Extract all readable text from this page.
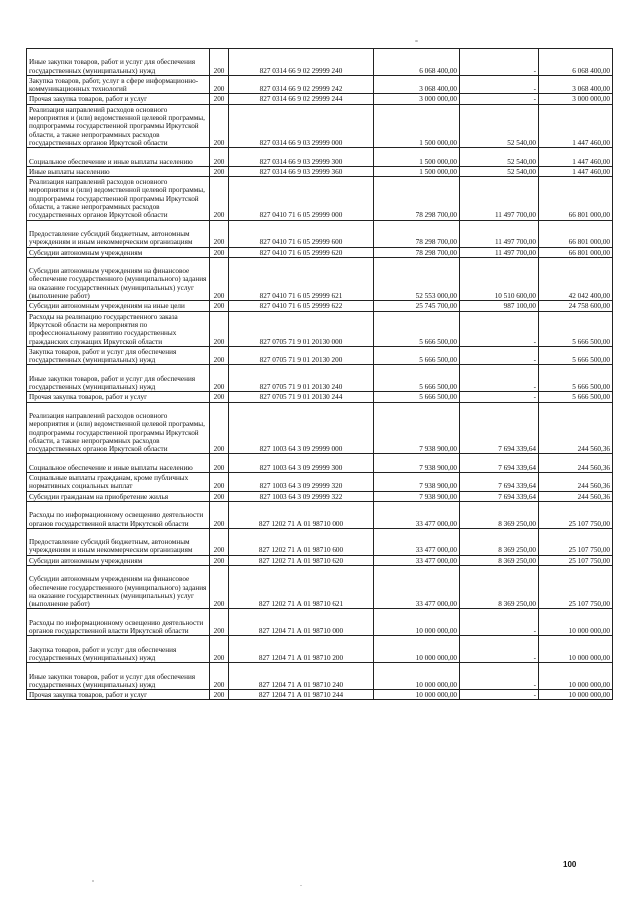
Иные закупки товаров, работ и услуг для обеспечения государственных (муниципальных) нужд	200	827 0314 66 9 02 29999 240	6 068 400,00	-	6 068 400,00
Закупка товаров, работ, услуг в сфере информационно-коммуникационных технологий	200	827 0314 66 9 02 29999 242	3 068 400,00	-	3 068 400,00
Прочая закупка товаров, работ и услуг	200	827 0314 66 9 02 29999 244	3 000 000,00	-	3 000 000,00
Реализация направлений расходов основного мероприятия и (или) ведомственной целевой программы, подпрограммы государственной программы Иркутской области, а также непрограммных расходов государственных органов Иркутской области	200	827 0314 66 9 03 29999 000	1 500 000,00	52 540,00	1 447 460,00
Социальное обеспечение и иные выплаты населению	200	827 0314 66 9 03 29999 300	1 500 000,00	52 540,00	1 447 460,00
Иные выплаты населению	200	827 0314 66 9 03 29999 360	1 500 000,00	52 540,00	1 447 460,00
Реализация направлений расходов основного мероприятия и (или) ведомственной целевой программы, подпрограммы государственной программы Иркутской области, а также непрограммных расходов государственных органов Иркутской области	200	827 0410 71 6 05 29999 000	78 298 700,00	11 497 700,00	66 801 000,00
Предоставление субсидий бюджетным, автономным учреждениям и иным некоммерческим организациям	200	827 0410 71 6 05 29999 600	78 298 700,00	11 497 700,00	66 801 000,00
Субсидии автономным учреждениям	200	827 0410 71 6 05 29999 620	78 298 700,00	11 497 700,00	66 801 000,00
Субсидии автономным учреждениям на финансовое обеспечение государственного (муниципального) задания на оказание государственных (муниципальных) услуг (выполнение работ)	200	827 0410 71 6 05 29999 621	52 553 000,00	10 510 600,00	42 042 400,00
Субсидии автономным учреждениям на иные цели	200	827 0410 71 6 05 29999 622	25 745 700,00	987 100,00	24 758 600,00
Расходы на реализацию государственного заказа Иркутской области на мероприятия по профессиональному развитию государственных гражданских служащих Иркутской области	200	827 0705 71 9 01 20130 000	5 666 500,00	-	5 666 500,00
Закупка товаров, работ и услуг для обеспечения государственных (муниципальных) нужд	200	827 0705 71 9 01 20130 200	5 666 500,00	-	5 666 500,00
Иные закупки товаров, работ и услуг для обеспечения государственных (муниципальных) нужд	200	827 0705 71 9 01 20130 240	5 666 500,00	-	5 666 500,00
Прочая закупка товаров, работ и услуг	200	827 0705 71 9 01 20130 244	5 666 500,00	-	5 666 500,00
Реализация направлений расходов основного мероприятия и (или) ведомственной целевой программы, подпрограммы государственной программы Иркутской области, а также непрограммных расходов государственных органов Иркутской области	200	827 1003 64 3 09 29999 000	7 938 900,00	7 694 339,64	244 560,36
Социальное обеспечение и иные выплаты населению	200	827 1003 64 3 09 29999 300	7 938 900,00	7 694 339,64	244 560,36
Социальные выплаты гражданам, кроме публичных нормативных социальных выплат	200	827 1003 64 3 09 29999 320	7 938 900,00	7 694 339,64	244 560,36
Субсидии гражданам на приобретение жилья	200	827 1003 64 3 09 29999 322	7 938 900,00	7 694 339,64	244 560,36
Расходы по информационному освещению деятельности органов государственной власти Иркутской области	200	827 1202 71 А 01 98710 000	33 477 000,00	8 369 250,00	25 107 750,00
Предоставление субсидий бюджетным, автономным учреждениям и иным некоммерческим организациям	200	827 1202 71 А 01 98710 600	33 477 000,00	8 369 250,00	25 107 750,00
Субсидии автономным учреждениям	200	827 1202 71 А 01 98710 620	33 477 000,00	8 369 250,00	25 107 750,00
Субсидии автономным учреждениям на финансовое обеспечение государственного (муниципального) задания на оказание государственных (муниципальных) услуг (выполнение работ)	200	827 1202 71 А 01 98710 621	33 477 000,00	8 369 250,00	25 107 750,00
Расходы по информационному освещению деятельности органов государственной власти Иркутской области	200	827 1204 71 А 01 98710 000	10 000 000,00	-	10 000 000,00
Закупка товаров, работ и услуг для обеспечения государственных (муниципальных) нужд	200	827 1204 71 А 01 98710 200	10 000 000,00	-	10 000 000,00
Иные закупки товаров, работ и услуг для обеспечения государственных (муниципальных) нужд	200	827 1204 71 А 01 98710 240	10 000 000,00	-	10 000 000,00
Прочая закупка товаров, работ и услуг	200	827 1204 71 А 01 98710 244	10 000 000,00	-	10 000 000,00
100
